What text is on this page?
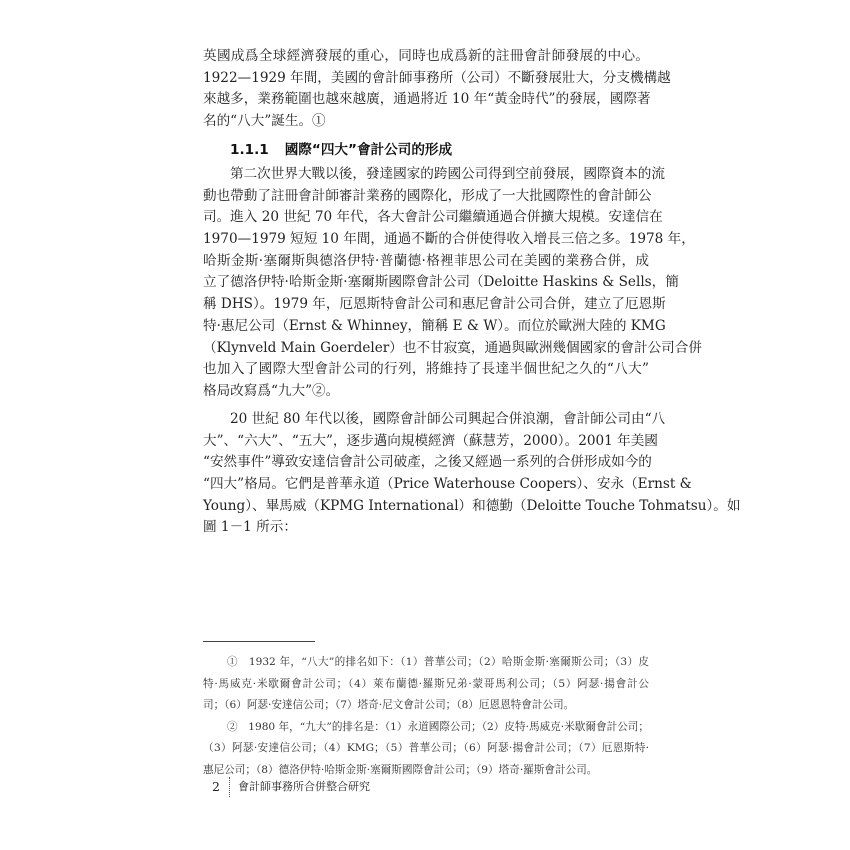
英國成爲全球經濟發展的重心，同時也成爲新的註冊會計師發展的中心。
1922—1929 年間，美國的會計師事務所（公司）不斷發展壯大，分支機構越
來越多，業務範圍也越來越廣，通過將近 10 年“黃金時代”的發展，國際著
名的“八大”誕生。①
1.1.1 國際“四大”會計公司的形成
第二次世界大戰以後，發達國家的跨國公司得到空前發展，國際資本的流
動也帶動了註冊會計師審計業務的國際化，形成了一大批國際性的會計師公
司。進入 20 世紀 70 年代，各大會計公司繼續通過合併擴大規模。安達信在
1970—1979 短短 10 年間，通過不斷的合併使得收入增長三倍之多。1978 年，
哈斯金斯·塞爾斯與德洛伊特·普蘭德·格裡菲思公司在美國的業務合併，成
立了德洛伊特·哈斯金斯·塞爾斯國際會計公司（Deloitte Haskins & Sells，簡
稱 DHS）。1979 年，厄恩斯特會計公司和惠尼會計公司合併，建立了厄恩斯
特·惠尼公司（Ernst & Whinney，簡稱 E & W）。而位於歐洲大陸的 KMG
（Klynveld Main Goerdeler）也不甘寂寞，通過與歐洲幾個國家的會計公司合併
也加入了國際大型會計公司的行列，將維持了長達半個世紀之久的“八大”
格局改寫爲“九大”②。
20 世紀 80 年代以後，國際會計師公司興起合併浪潮，會計師公司由“八
大”、“六大”、“五大”，逐步邁向規模經濟（蘇慧芳，2000）。2001 年美國
“安然事件”導致安達信會計公司破產，之後又經過一系列的合併形成如今的
“四大”格局。它們是普華永道（Price Waterhouse Coopers）、安永（Ernst &
Young）、畢馬威（KPMG International）和德勤（Deloitte Touche Tohmatsu）。如
圖 1－1 所示：
①　1932 年，“八大”的排名如下：（1）普華公司；（2）哈斯金斯·塞爾斯公司；（3）皮
特·馬威克·米歇爾會計公司；（4）萊布蘭德·羅斯兄弟·蒙哥馬利公司；（5）阿瑟·揚會計公
司；（6）阿瑟·安達信公司；（7）塔奇·尼文會計公司；（8）厄恩恩特會計公司。
②　1980 年，“九大”的排名是：（1）永道國際公司；（2）皮特·馬威克·米歇爾會計公司；
（3）阿瑟·安達信公司；（4）KMG；（5）普華公司；（6）阿瑟·揚會計公司；（7）厄恩斯特·
惠尼公司；（8）德洛伊特·哈斯金斯·塞爾斯國際會計公司；（9）塔奇·羅斯會計公司。
2 會計師事務所合併整合研究
